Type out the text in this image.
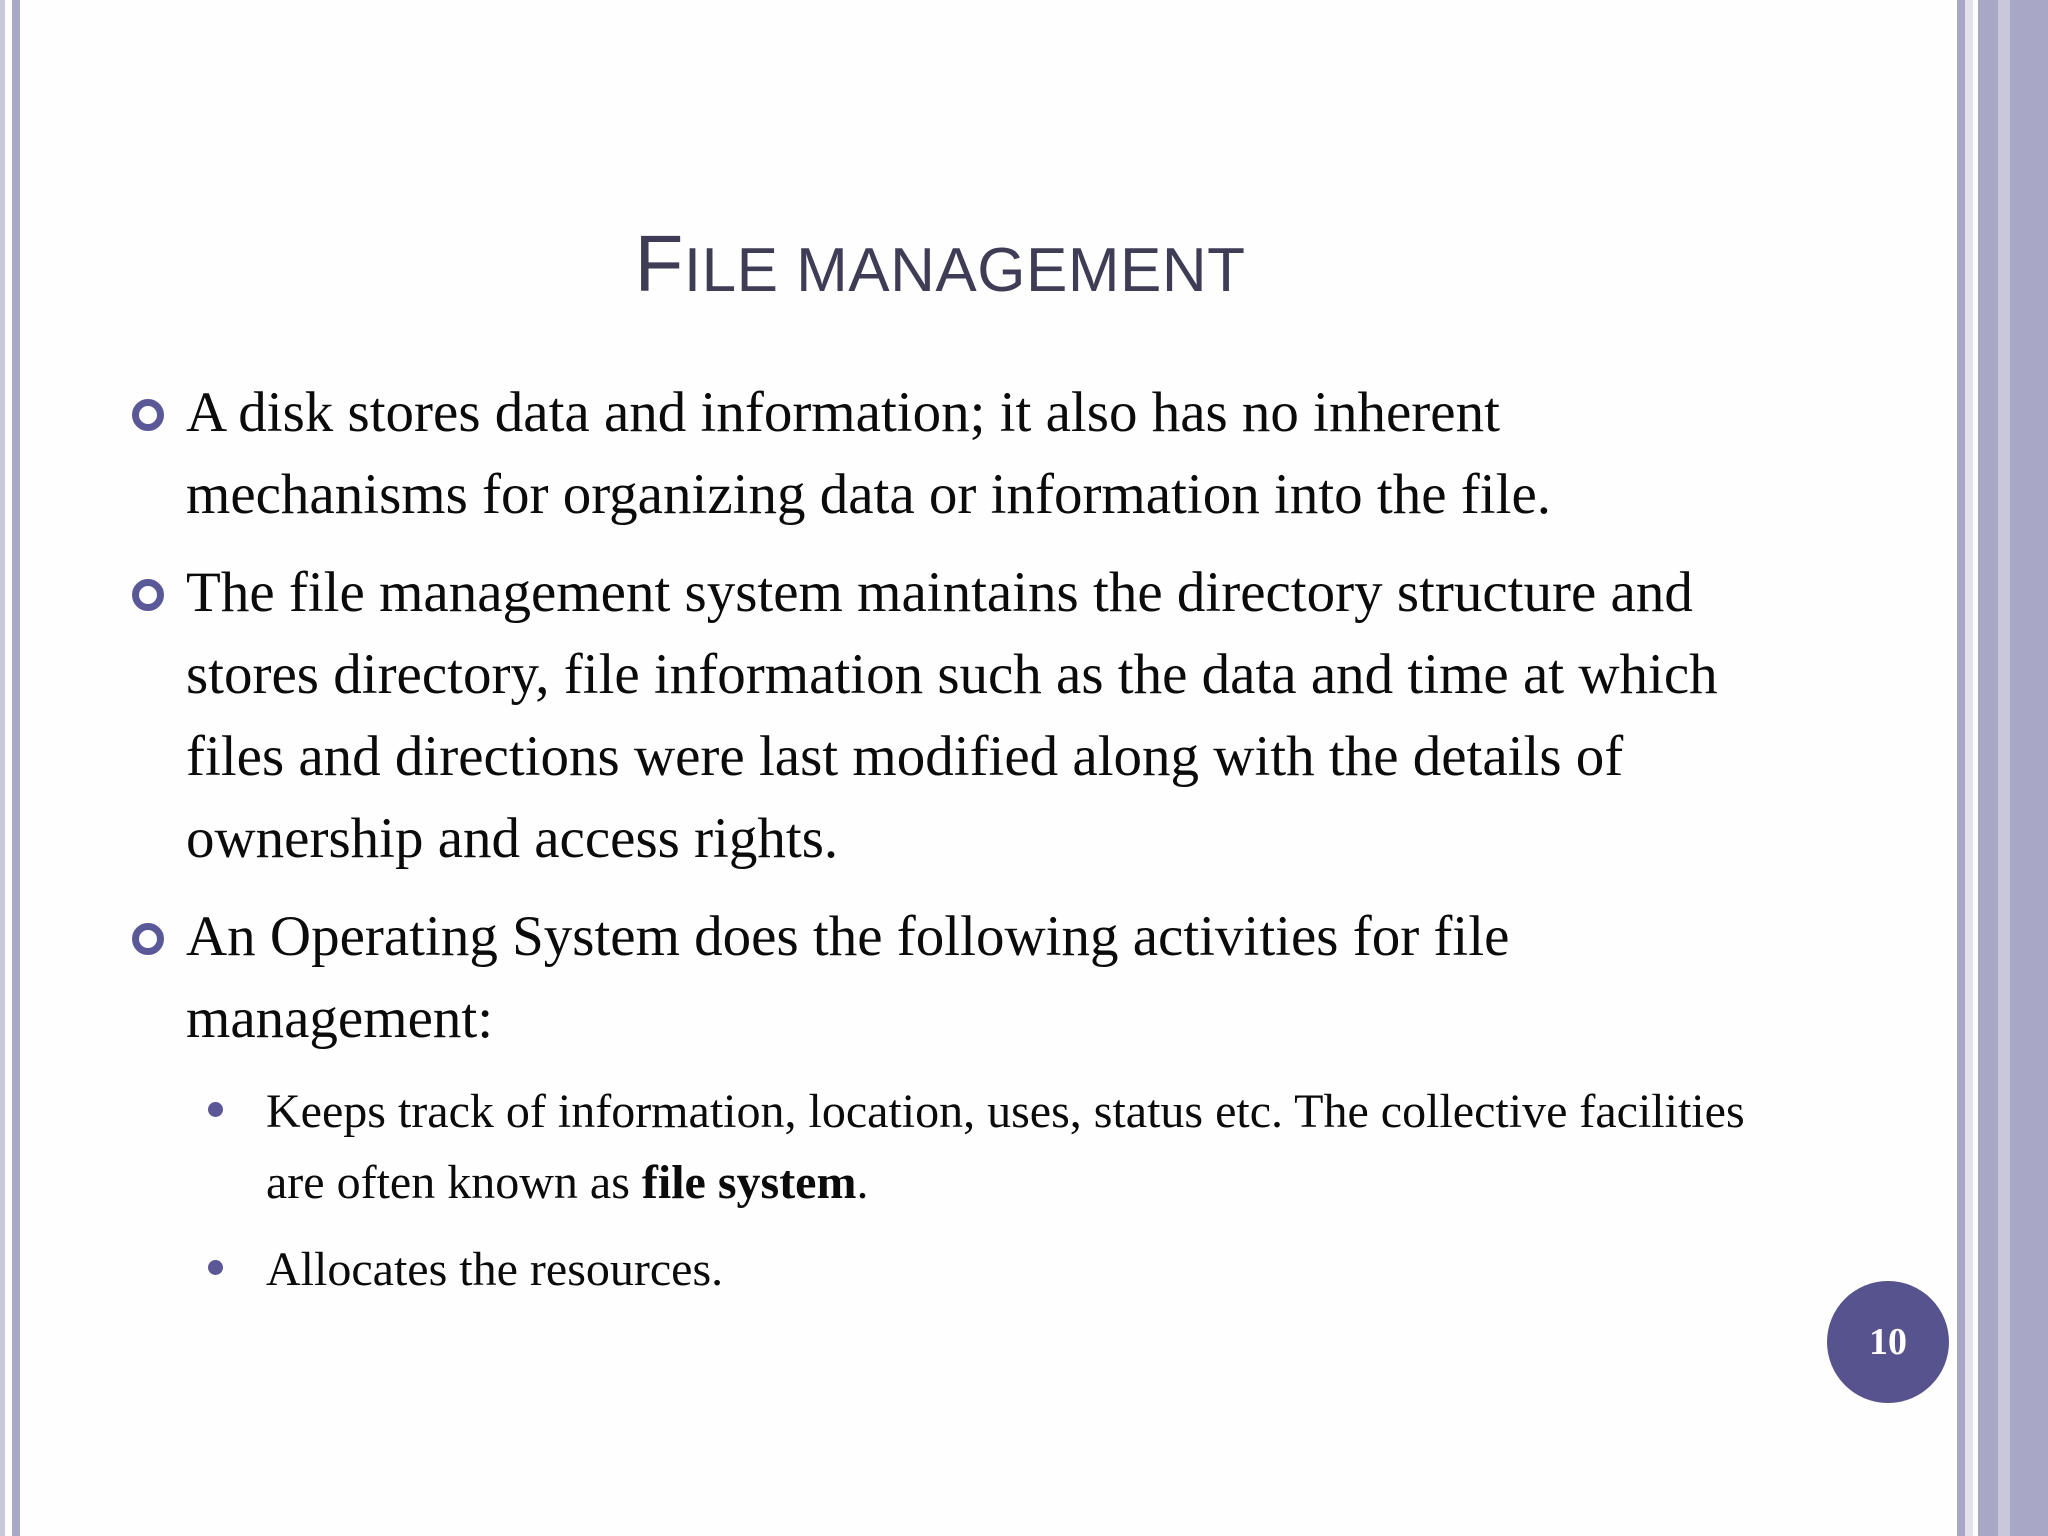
FILE MANAGEMENT
A disk stores data and information; it also has no inherent mechanisms for organizing data or information into the file.
The file management system maintains the directory structure and stores directory, file information such as the data and time at which files and directions were last modified along with the details of ownership and access rights.
An Operating System does the following activities for file management:
Keeps track of information, location, uses, status etc. The collective facilities are often known as file system.
Allocates the resources.
10
